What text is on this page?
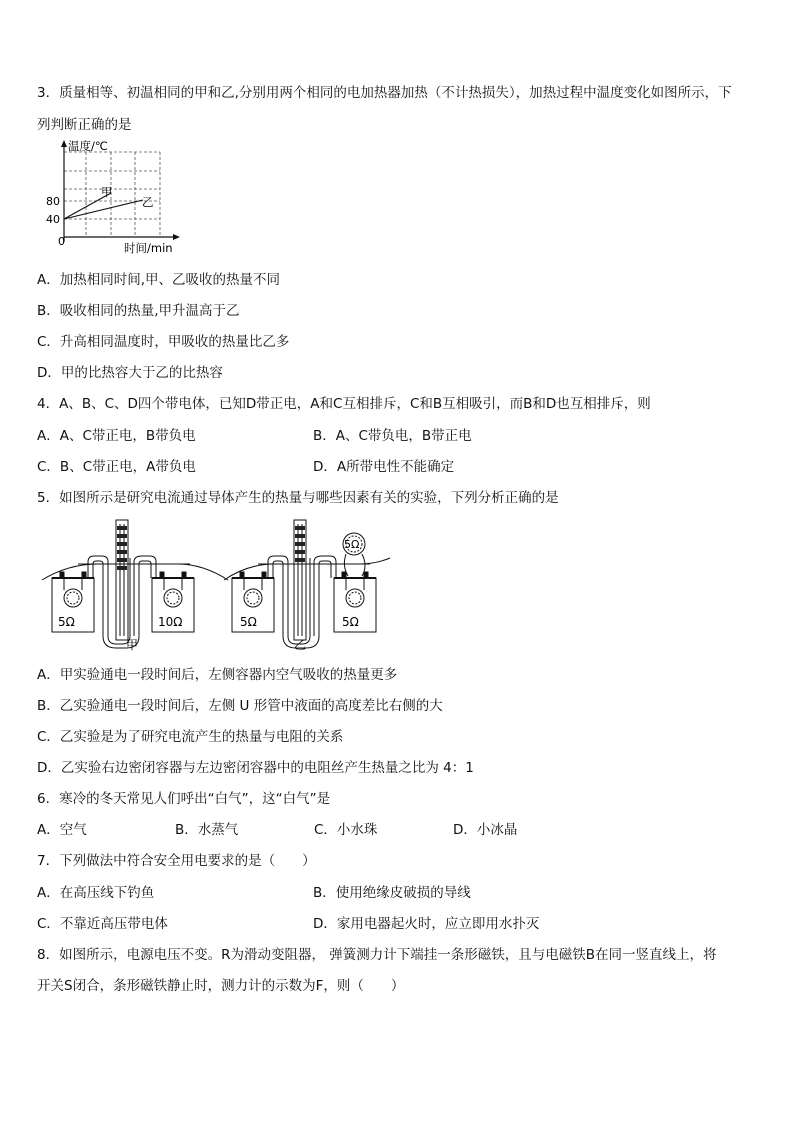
3．质量相等、初温相同的甲和乙,分别用两个相同的电加热器加热（不计热损失），加热过程中温度变化如图所示，下
列判断正确的是
温度/℃
时间/min
80
40
0
甲
乙
A．加热相同时间,甲、乙吸收的热量不同
B．吸收相同的热量,甲升温高于乙
C．升高相同温度时，甲吸收的热量比乙多
D．甲的比热容大于乙的比热容
4．A、B、C、D四个带电体，已知D带正电，A和C互相排斥，C和B互相吸引，而B和D也互相排斥，则
A．A、C带正电，B带负电	B．A、C带负电，B带正电
C．B、C带正电，A带负电	D．A所带电性不能确定
5．如图所示是研究电流通过导体产生的热量与哪些因素有关的实验，下列分析正确的是
5Ω	10Ω
甲
5Ω	5Ω
5Ω
乙
A．甲实验通电一段时间后，左侧容器内空气吸收的热量更多
B．乙实验通电一段时间后，左侧 U 形管中液面的高度差比右侧的大
C．乙实验是为了研究电流产生的热量与电阻的关系
D．乙实验右边密闭容器与左边密闭容器中的电阻丝产生热量之比为 4：1
6．寒冷的冬天常见人们呼出“白气”，这“白气”是
A．空气	B．水蒸气	C．小水珠	D．小冰晶
7．下列做法中符合安全用电要求的是（　　）
A．在高压线下钓鱼	B．使用绝缘皮破损的导线
C．不靠近高压带电体	D．家用电器起火时，应立即用水扑灭
8．如图所示，电源电压不变。R为滑动变阻器， 弹簧测力计下端挂一条形磁铁，且与电磁铁B在同一竖直线上，将
开关S闭合，条形磁铁静止时，测力计的示数为F，则（　　）
